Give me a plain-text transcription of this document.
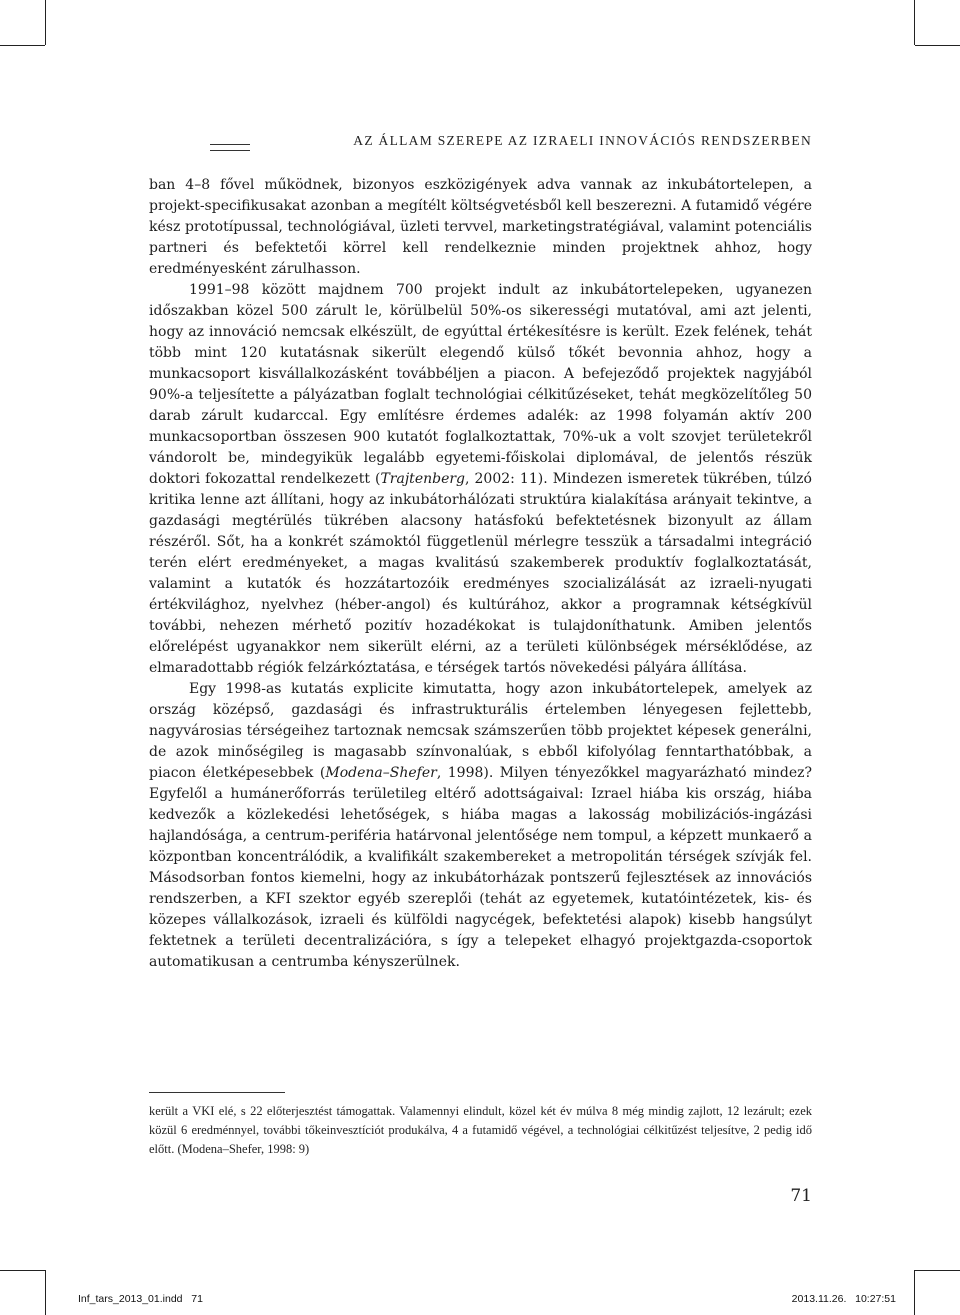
AZ ÁLLAM SZEREPE AZ IZRAELI INNOVÁCIÓS RENDSZERBEN

ban 4–8 fővel működnek, bizonyos eszközigények adva vannak az inkubátortelepen, a projekt-specifikusakat azonban a megítélt költségvetésből kell beszerezni. A futamidő végére kész prototípussal, technológiával, üzleti tervvel, marketingstratégiával, valamint potenciális partneri és befektetői körrel kell rendelkeznie minden projektnek ahhoz, hogy eredményesként zárulhasson.

1991–98 között majdnem 700 projekt indult az inkubátortelepeken, ugyanezen időszakban közel 500 zárult le, körülbelül 50%-os sikerességi mutatóval, ami azt jelenti, hogy az innováció nemcsak elkészült, de egyúttal értékesítésre is került. Ezek felének, tehát több mint 120 kutatásnak sikerült elegendő külső tőkét bevonnia ahhoz, hogy a munkacsoport kisvállalkozásként továbbéljen a piacon. A befejeződő projektek nagyjából 90%-a teljesítette a pályázatban foglalt technológiai célkitűzéseket, tehát megközelítőleg 50 darab zárult kudarccal. Egy említésre érdemes adalék: az 1998 folyamán aktív 200 munkacsoportban összesen 900 kutatót foglalkoztattak, 70%-uk a volt szovjet területekről vándorolt be, mindegyikük legalább egyetemi-főiskolai diplomával, de jelentős részük doktori fokozattal rendelkezett (Trajtenberg, 2002: 11). Mindezen ismeretek tükrében, túlzó kritika lenne azt állítani, hogy az inkubátorhálózati struktúra kialakítása arányait tekintve, a gazdasági megtérülés tükrében alacsony hatásfokú befektetésnek bizonyult az állam részéről. Sőt, ha a konkrét számoktól függetlenül mérlegre tesszük a társadalmi integráció terén elért eredményeket, a magas kvalitású szakemberek produktív foglalkoztatását, valamint a kutatók és hozzátartozóik eredményes szocializálását az izraeli-nyugati értékvilághoz, nyelvhez (héber-angol) és kultúrához, akkor a programnak kétségkívül további, nehezen mérhető pozitív hozadékokat is tulajdoníthatunk. Amiben jelentős előrelépést ugyanakkor nem sikerült elérni, az a területi különbségek mérséklődése, az elmaradottabb régiók felzárkóztatása, e térségek tartós növekedési pályára állítása.

Egy 1998-as kutatás explicite kimutatta, hogy azon inkubátortelepek, amelyek az ország középső, gazdasági és infrastrukturális értelemben lényegesen fejlettebb, nagyvárosias térségeihez tartoznak nemcsak számszerűen több projektet képesek generálni, de azok minőségileg is magasabb színvonalúak, s ebből kifolyólag fenntarthatóbbak, a piacon életképesebbek (Modena–Shefer, 1998). Milyen tényezőkkel magyarázható mindez? Egyfelől a humánerőforrás területileg eltérő adottságaival: Izrael hiába kis ország, hiába kedvezők a közlekedési lehetőségek, s hiába magas a lakosság mobilizációs-ingázási hajlandósága, a centrum-periféria határvonal jelentősége nem tompul, a képzett munkaerő a központban koncentrálódik, a kvalifikált szakembereket a metropolitán térségek szívják fel. Másodsorban fontos kiemelni, hogy az inkubátorházak pontszerű fejlesztések az innovációs rendszerben, a KFI szektor egyéb szereplői (tehát az egyetemek, kutatóintézetek, kis- és közepes vállalkozások, izraeli és külföldi nagycégek, befektetési alapok) kisebb hangsúlyt fektetnek a területi decentralizációra, s így a telepeket elhagyó projektgazda-csoportok automatikusan a centrumba kényszerülnek.

került a VKI elé, s 22 előterjesztést támogattak. Valamennyi elindult, közel két év múlva 8 még mindig zajlott, 12 lezárult; ezek közül 6 eredménnyel, további tőkeinvesztíciót produkálva, 4 a futamidő végével, a technológiai célkitűzést teljesítve, 2 pedig idő előtt. (Modena–Shefer, 1998: 9)
71
Inf_tars_2013_01.indd   71	2013.11.26.   10:27:51
